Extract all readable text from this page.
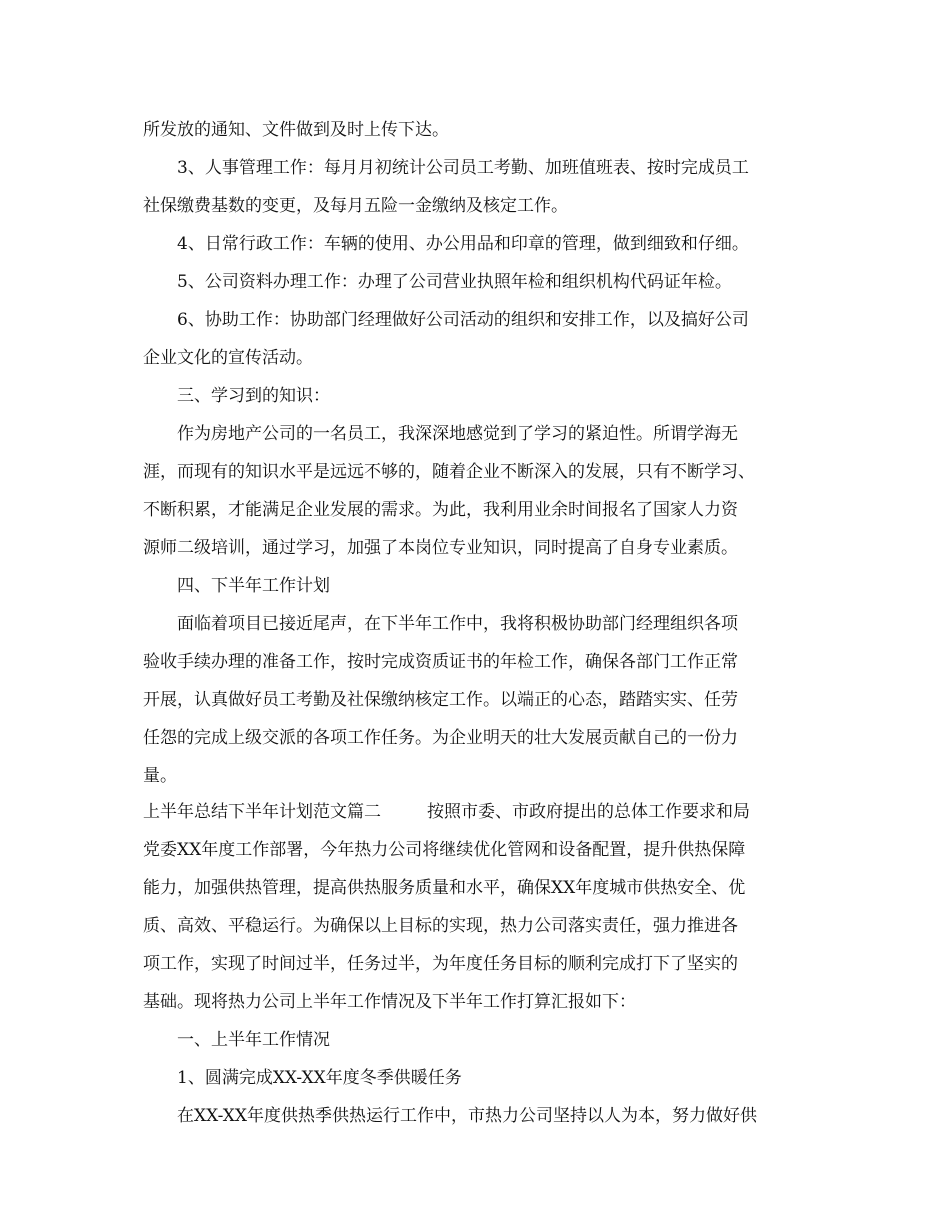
所发放的通知、文件做到及时上传下达。
3、人事管理工作：每月月初统计公司员工考勤、加班值班表、按时完成员工
社保缴费基数的变更，及每月五险一金缴纳及核定工作。
4、日常行政工作：车辆的使用、办公用品和印章的管理，做到细致和仔细。
5、公司资料办理工作：办理了公司营业执照年检和组织机构代码证年检。
6、协助工作：协助部门经理做好公司活动的组织和安排工作，以及搞好公司
企业文化的宣传活动。
三、学习到的知识：
作为房地产公司的一名员工，我深深地感觉到了学习的紧迫性。所谓学海无
涯，而现有的知识水平是远远不够的，随着企业不断深入的发展，只有不断学习、
不断积累，才能满足企业发展的需求。为此，我利用业余时间报名了国家人力资
源师二级培训，通过学习，加强了本岗位专业知识，同时提高了自身专业素质。
四、下半年工作计划
面临着项目已接近尾声，在下半年工作中，我将积极协助部门经理组织各项
验收手续办理的准备工作，按时完成资质证书的年检工作，确保各部门工作正常
开展，认真做好员工考勤及社保缴纳核定工作。以端正的心态，踏踏实实、任劳
任怨的完成上级交派的各项工作任务。为企业明天的壮大发展贡献自己的一份力
量。
上半年总结下半年计划范文篇二	按照市委、市政府提出的总体工作要求和局
党委XX年度工作部署，今年热力公司将继续优化管网和设备配置，提升供热保障
能力，加强供热管理，提高供热服务质量和水平，确保XX年度城市供热安全、优
质、高效、平稳运行。为确保以上目标的实现，热力公司落实责任，强力推进各
项工作，实现了时间过半，任务过半，为年度任务目标的顺利完成打下了坚实的
基础。现将热力公司上半年工作情况及下半年工作打算汇报如下：
一、上半年工作情况
1、圆满完成XX-XX年度冬季供暖任务
在XX-XX年度供热季供热运行工作中，市热力公司坚持以人为本，努力做好供
